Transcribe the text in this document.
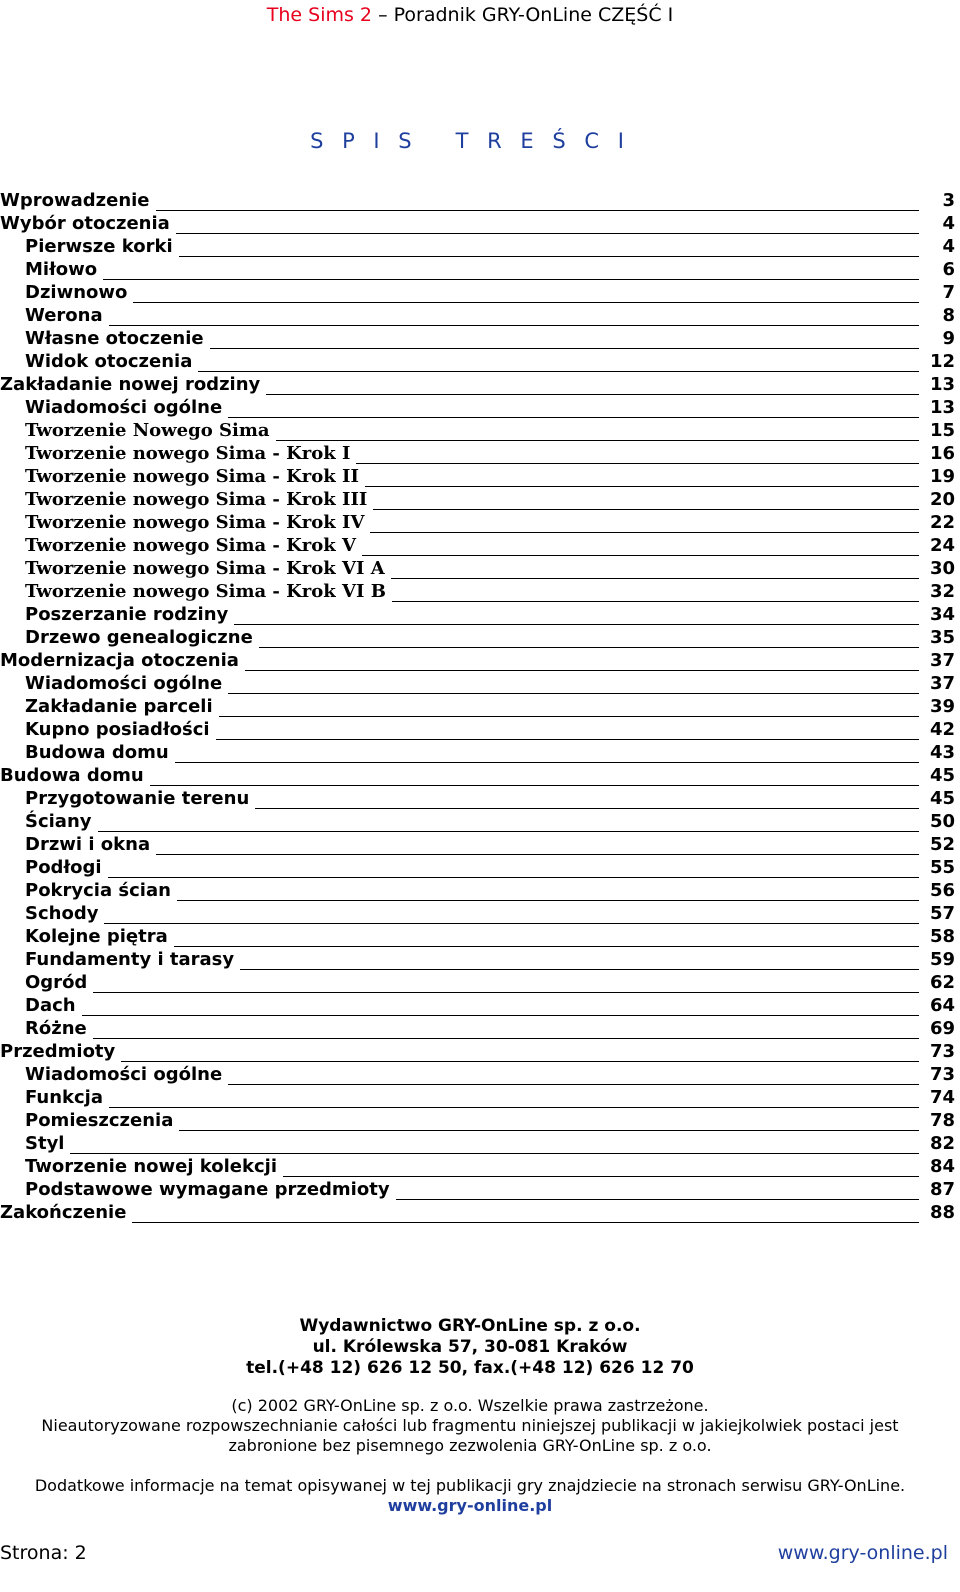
The Sims 2 – Poradnik GRY-OnLine CZĘŚĆ I
S P I S   T R E Ś C I
Wprowadzenie	3
Wybór otoczenia	4
Pierwsze korki	4
Miłowo	6
Dziwnowo	7
Werona	8
Własne otoczenie	9
Widok otoczenia	12
Zakładanie nowej rodziny	13
Wiadomości ogólne	13
Tworzenie Nowego Sima	15
Tworzenie nowego Sima - Krok I	16
Tworzenie nowego Sima - Krok II	19
Tworzenie nowego Sima - Krok III	20
Tworzenie nowego Sima - Krok IV	22
Tworzenie nowego Sima - Krok V	24
Tworzenie nowego Sima - Krok VI A	30
Tworzenie nowego Sima - Krok VI B	32
Poszerzanie rodziny	34
Drzewo genealogiczne	35
Modernizacja otoczenia	37
Wiadomości ogólne	37
Zakładanie parceli	39
Kupno posiadłości	42
Budowa domu	43
Budowa domu	45
Przygotowanie terenu	45
Ściany	50
Drzwi i okna	52
Podłogi	55
Pokrycia ścian	56
Schody	57
Kolejne piętra	58
Fundamenty i tarasy	59
Ogród	62
Dach	64
Różne	69
Przedmioty	73
Wiadomości ogólne	73
Funkcja	74
Pomieszczenia	78
Styl	82
Tworzenie nowej kolekcji	84
Podstawowe wymagane przedmioty	87
Zakończenie	88
Wydawnictwo GRY-OnLine sp. z o.o.
ul. Królewska 57, 30-081 Kraków
tel.(+48 12) 626 12 50, fax.(+48 12) 626 12 70
(c) 2002 GRY-OnLine sp. z o.o. Wszelkie prawa zastrzeżone.
Nieautoryzowane rozpowszechnianie całości lub fragmentu niniejszej publikacji w jakiejkolwiek postaci jest
zabronione bez pisemnego zezwolenia GRY-OnLine sp. z o.o.
Dodatkowe informacje na temat opisywanej w tej publikacji gry znajdziecie na stronach serwisu GRY-OnLine.
www.gry-online.pl
Strona: 2	www.gry-online.pl
